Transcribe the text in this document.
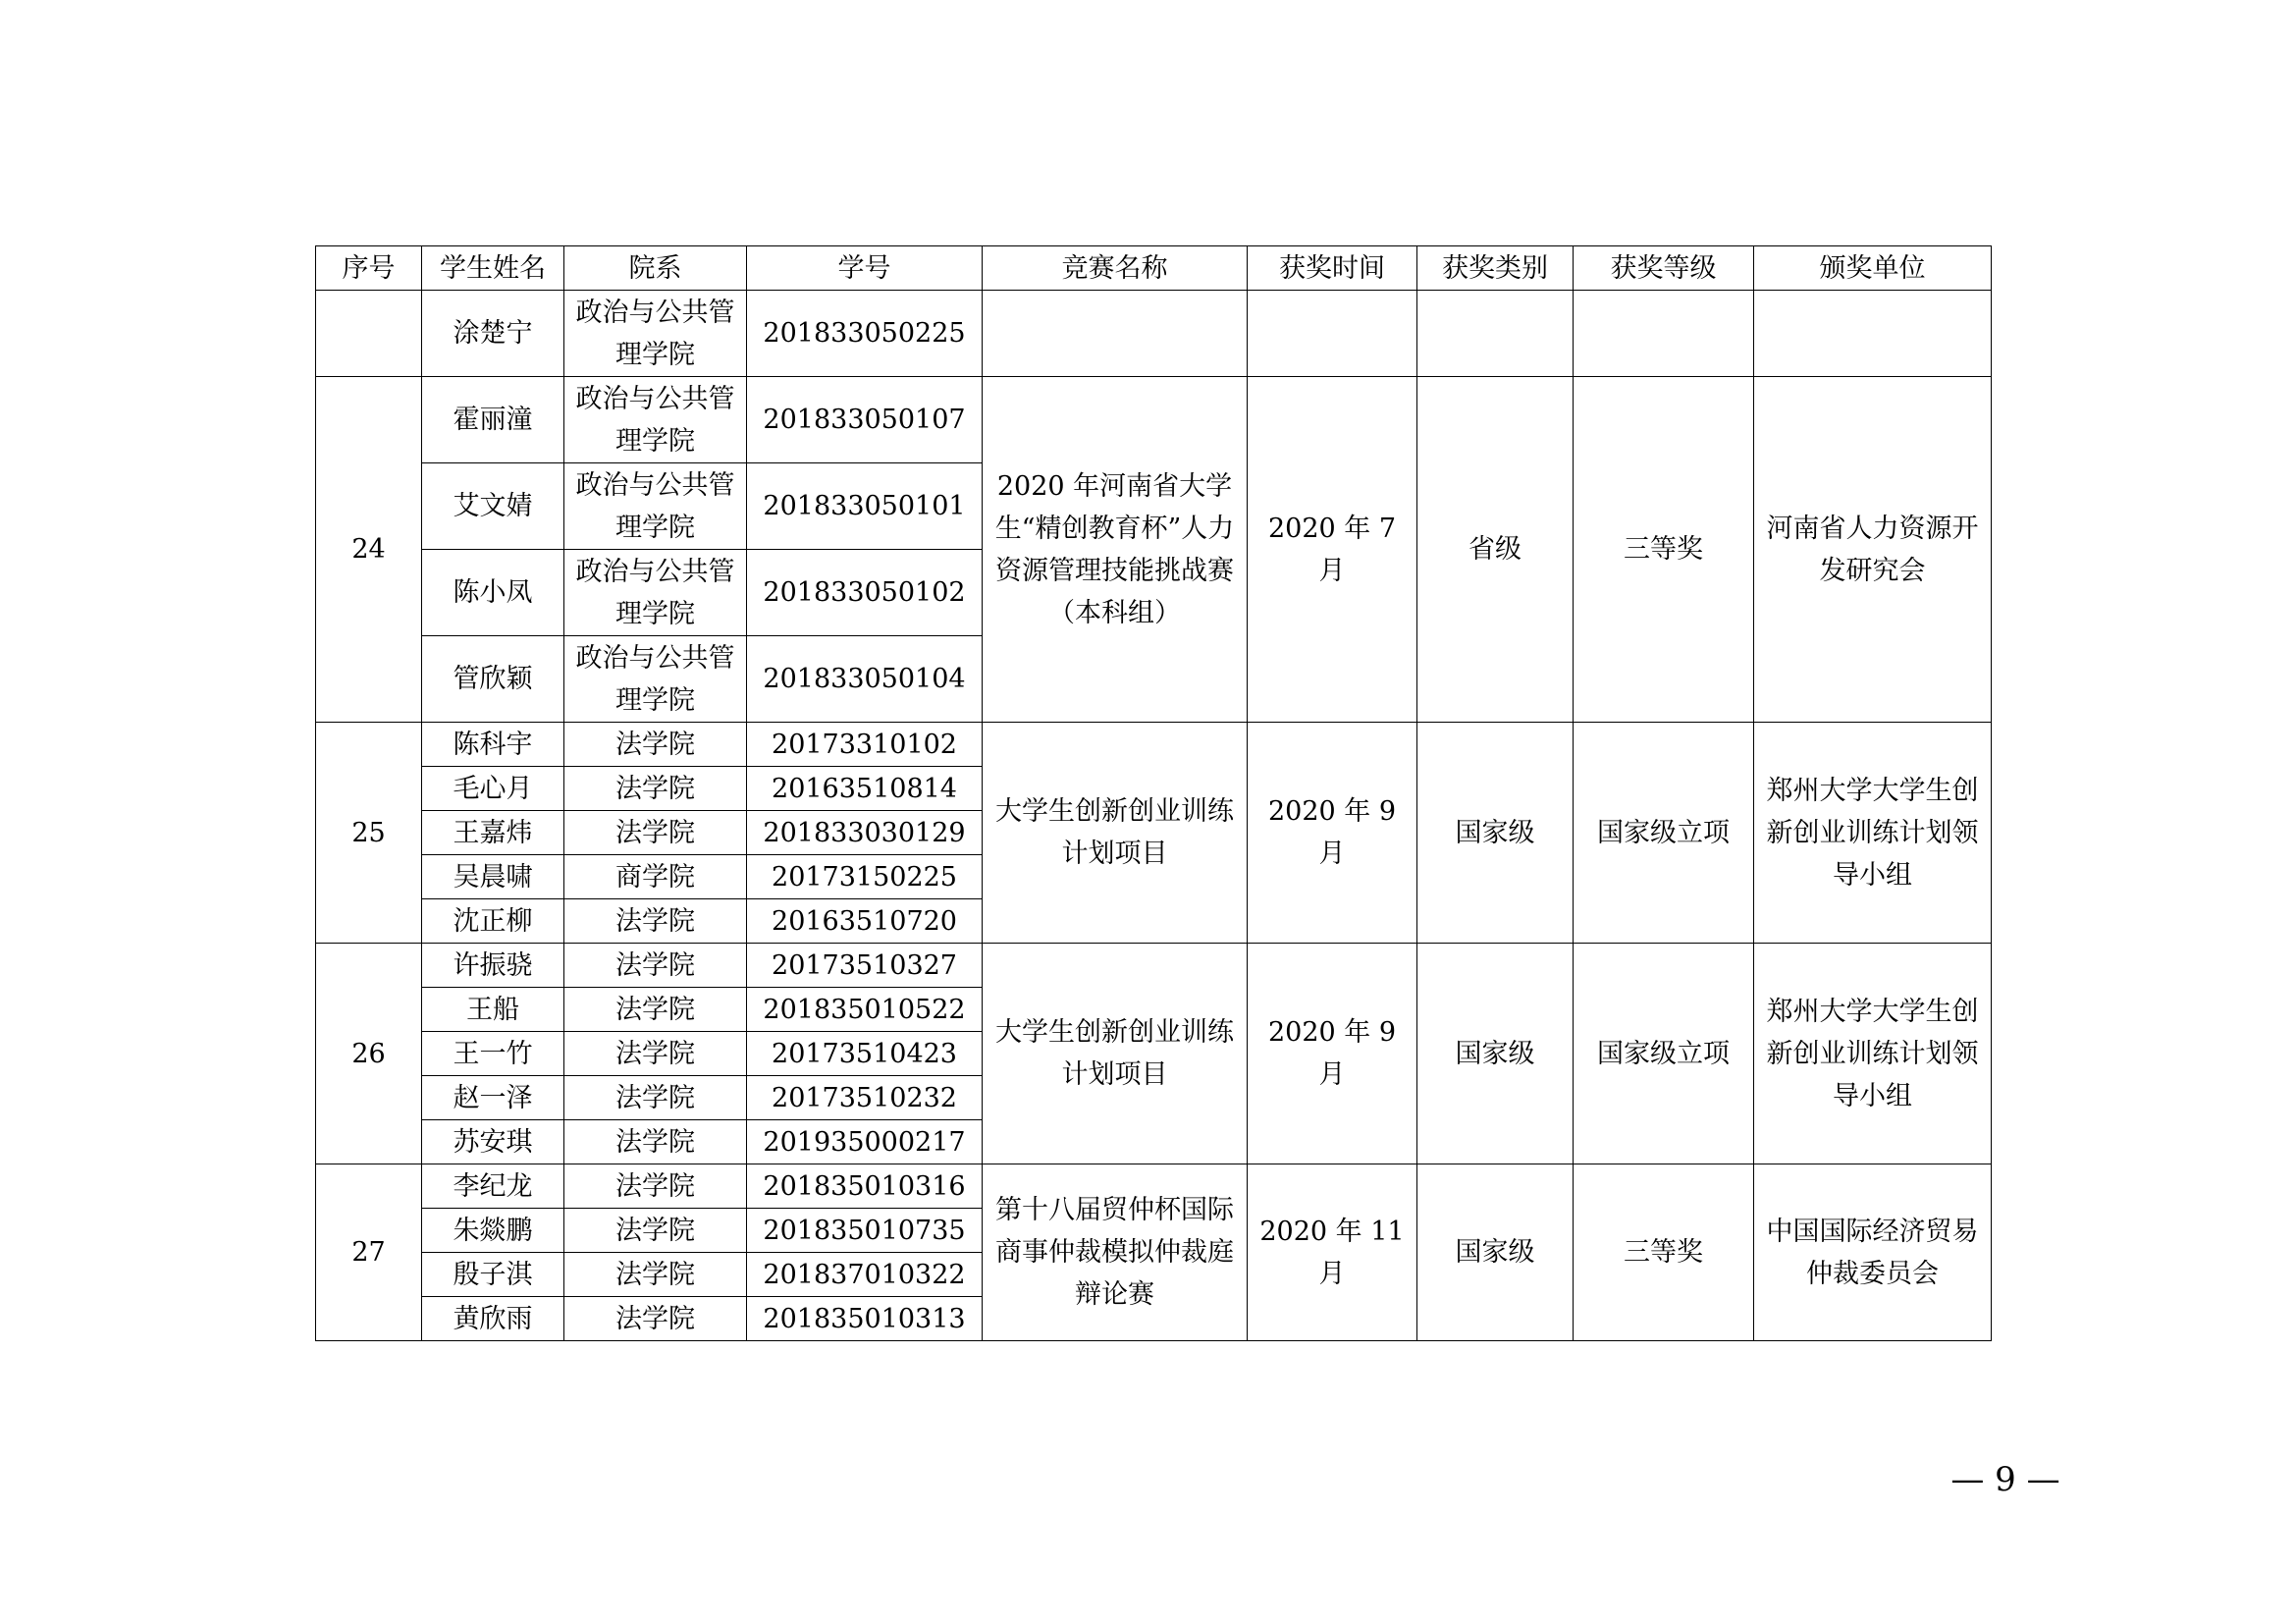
序号	学生姓名	院系	学号	竞赛名称	获奖时间	获奖类别	获奖等级	颁奖单位
	涂楚宁	政治与公共管理学院	201833050225					
24	霍丽潼	政治与公共管理学院	201833050107	2020 年河南省大学生“精创教育杯”人力资源管理技能挑战赛（本科组）	2020 年 7 月	省级	三等奖	河南省人力资源开发研究会
	艾文婧	政治与公共管理学院	201833050101					
	陈小凤	政治与公共管理学院	201833050102					
	管欣颖	政治与公共管理学院	201833050104					
25	陈科宇	法学院	20173310102	大学生创新创业训练计划项目	2020 年 9 月	国家级	国家级立项	郑州大学大学生创新创业训练计划领导小组
	毛心月	法学院	20163510814					
	王嘉炜	法学院	201833030129					
	吴晨啸	商学院	20173150225					
	沈正柳	法学院	20163510720					
26	许振骁	法学院	20173510327	大学生创新创业训练计划项目	2020 年 9 月	国家级	国家级立项	郑州大学大学生创新创业训练计划领导小组
	王船	法学院	201835010522					
	王一竹	法学院	20173510423					
	赵一泽	法学院	20173510232					
	苏安琪	法学院	201935000217					
27	李纪龙	法学院	201835010316	第十八届贸仲杯国际商事仲裁模拟仲裁庭辩论赛	2020 年 11 月	国家级	三等奖	中国国际经济贸易仲裁委员会
	朱燚鹏	法学院	201835010735					
	殷子淇	法学院	201837010322					
	黄欣雨	法学院	201835010313					
— 9 —
